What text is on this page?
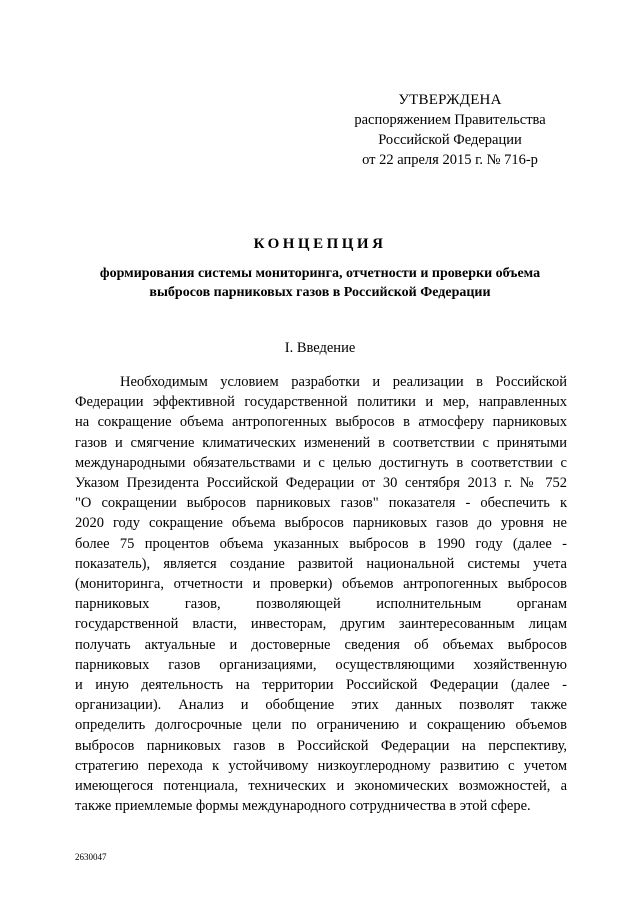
УТВЕРЖДЕНА
распоряжением Правительства
Российской Федерации
от 22 апреля 2015 г. № 716-р
КОНЦЕПЦИЯ
формирования системы мониторинга, отчетности и проверки объема
выбросов парниковых газов в Российской Федерации
I. Введение
Необходимым условием разработки и реализации в Российской
Федерации эффективной государственной политики и мер, направленных
на сокращение объема антропогенных выбросов в атмосферу парниковых
газов и смягчение климатических изменений в соответствии с принятыми
международными обязательствами и с целью достигнуть в соответствии с
Указом Президента Российской Федерации от 30 сентября 2013 г. № 752
"О сокращении выбросов парниковых газов" показателя - обеспечить к
2020 году сокращение объема выбросов парниковых газов до уровня не
более 75 процентов объема указанных выбросов в 1990 году (далее -
показатель), является создание развитой национальной системы учета
(мониторинга, отчетности и проверки) объемов антропогенных выбросов
парниковых газов, позволяющей исполнительным органам
государственной власти, инвесторам, другим заинтересованным лицам
получать актуальные и достоверные сведения об объемах выбросов
парниковых газов организациями, осуществляющими хозяйственную
и иную деятельность на территории Российской Федерации (далее -
организации). Анализ и обобщение этих данных позволят также
определить долгосрочные цели по ограничению и сокращению объемов
выбросов парниковых газов в Российской Федерации на перспективу,
стратегию перехода к устойчивому низкоуглеродному развитию с учетом
имеющегося потенциала, технических и экономических возможностей, а
также приемлемые формы международного сотрудничества в этой сфере.
2630047
